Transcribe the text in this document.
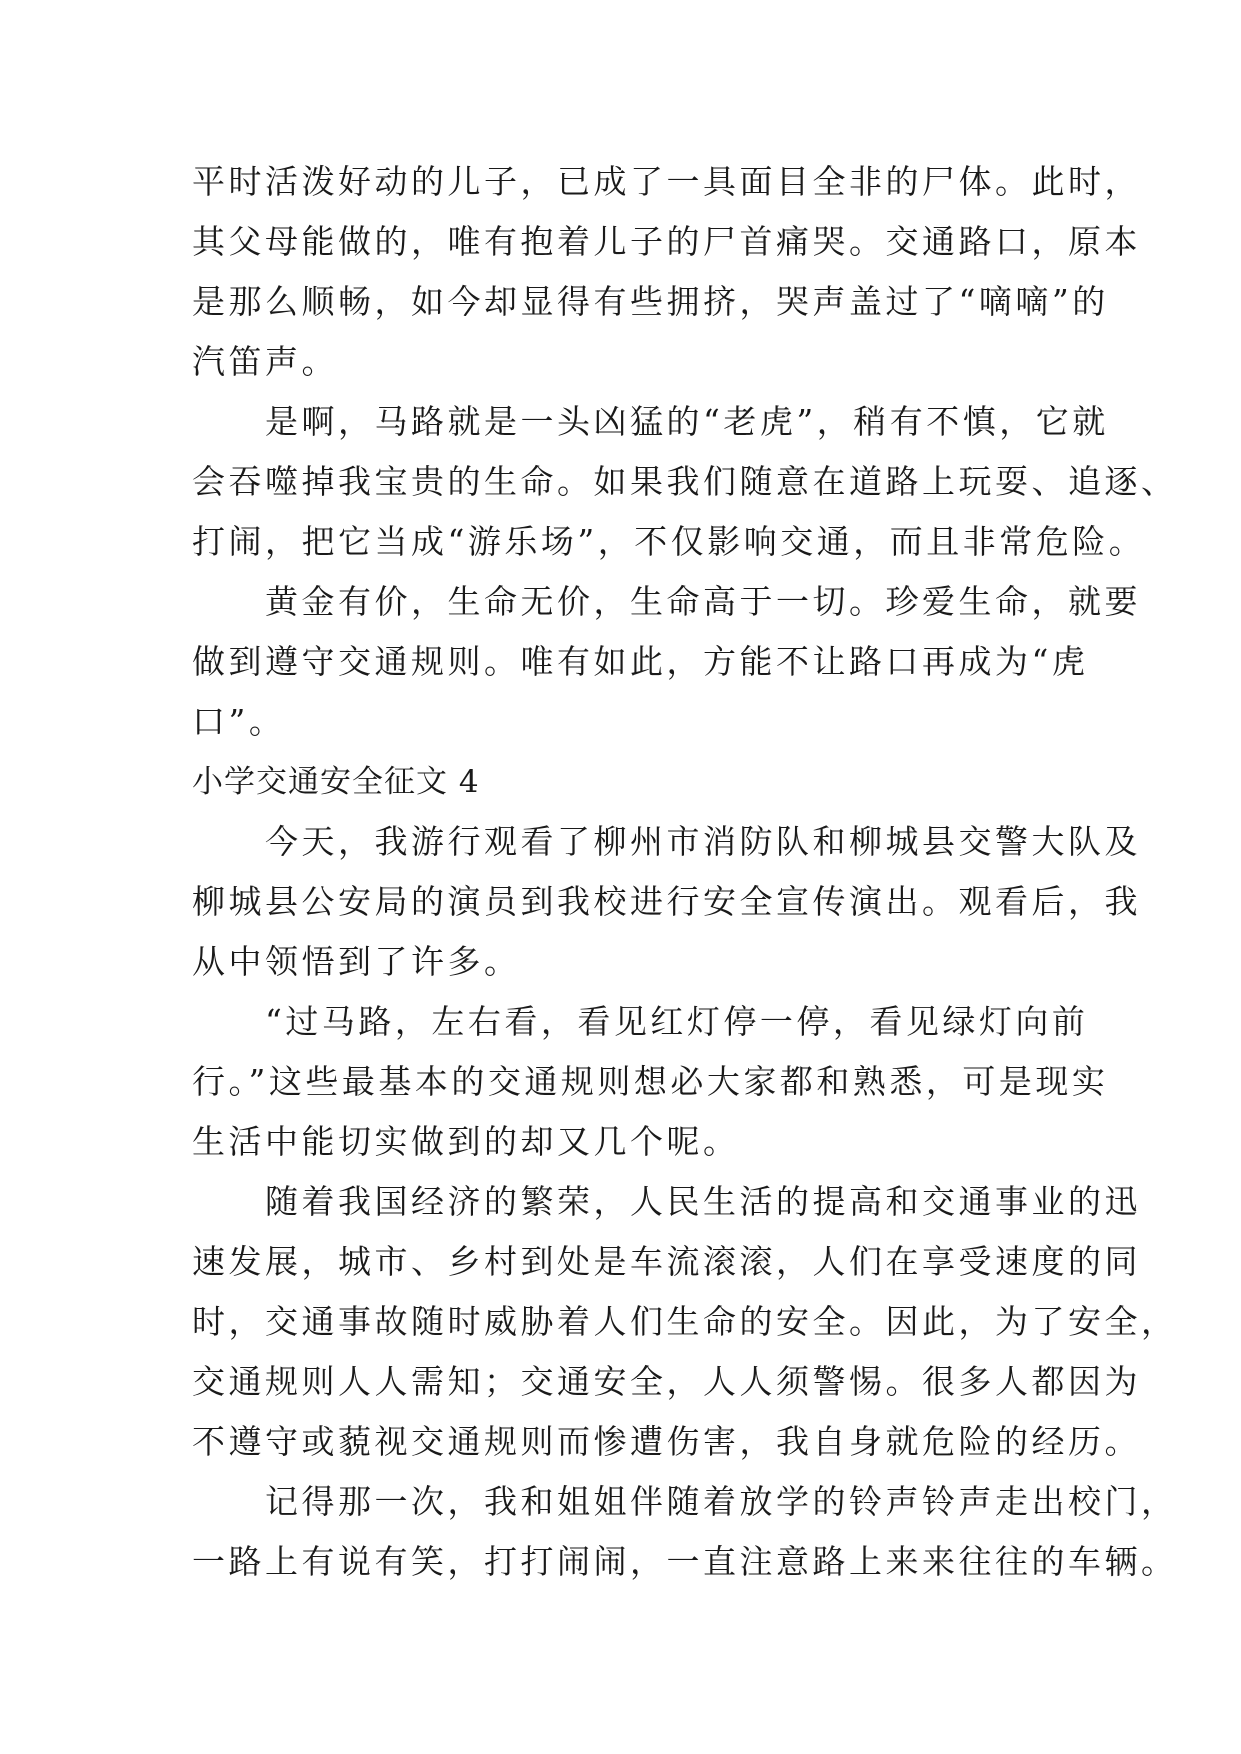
平时活泼好动的儿子，已成了一具面目全非的尸体。此时，
其父母能做的，唯有抱着儿子的尸首痛哭。交通路口，原本
是那么顺畅，如今却显得有些拥挤，哭声盖过了“嘀嘀”的
汽笛声。
　　是啊，马路就是一头凶猛的“老虎”，稍有不慎，它就
会吞噬掉我宝贵的生命。如果我们随意在道路上玩耍、追逐、
打闹，把它当成“游乐场”，不仅影响交通，而且非常危险。
　　黄金有价，生命无价，生命高于一切。珍爱生命，就要
做到遵守交通规则。唯有如此，方能不让路口再成为“虎
口”。
小学交通安全征文 4
　　今天，我游行观看了柳州市消防队和柳城县交警大队及
柳城县公安局的演员到我校进行安全宣传演出。观看后，我
从中领悟到了许多。
　　“过马路，左右看，看见红灯停一停，看见绿灯向前
行。”这些最基本的交通规则想必大家都和熟悉，可是现实
生活中能切实做到的却又几个呢。
　　随着我国经济的繁荣，人民生活的提高和交通事业的迅
速发展，城市、乡村到处是车流滚滚，人们在享受速度的同
时，交通事故随时威胁着人们生命的安全。因此，为了安全，
交通规则人人需知；交通安全，人人须警惕。很多人都因为
不遵守或藐视交通规则而惨遭伤害，我自身就危险的经历。
　　记得那一次，我和姐姐伴随着放学的铃声铃声走出校门，
一路上有说有笑，打打闹闹，一直注意路上来来往往的车辆。
